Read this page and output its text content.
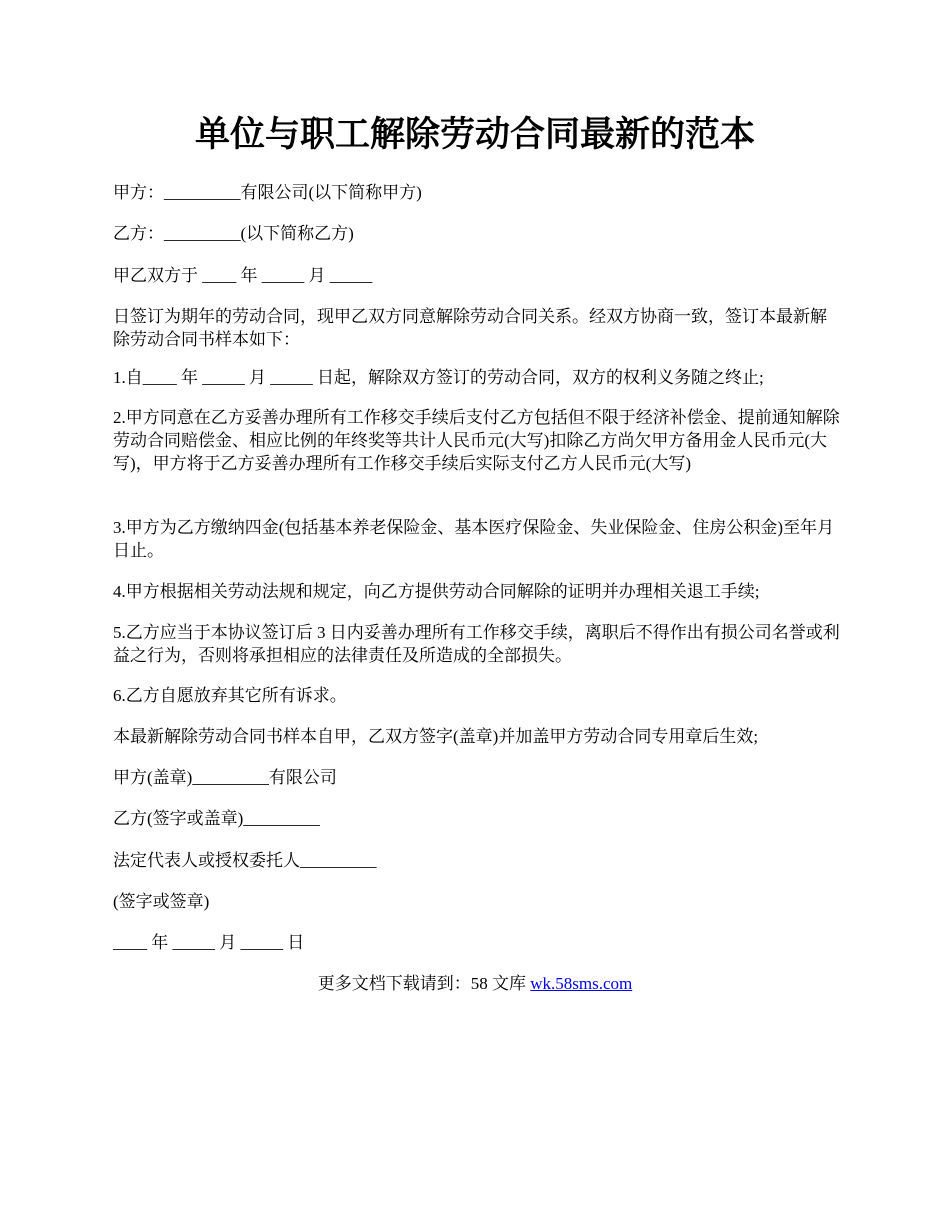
单位与职工解除劳动合同最新的范本

甲方：_________有限公司(以下简称甲方)

乙方：_________(以下简称乙方)

甲乙双方于 ____ 年 _____ 月 _____

日签订为期年的劳动合同，现甲乙双方同意解除劳动合同关系。经双方协商一致，签订本最新解除劳动合同书样本如下：

1.自____ 年 _____ 月 _____ 日起，解除双方签订的劳动合同，双方的权利义务随之终止;

2.甲方同意在乙方妥善办理所有工作移交手续后支付乙方包括但不限于经济补偿金、提前通知解除劳动合同赔偿金、相应比例的年终奖等共计人民币元(大写)扣除乙方尚欠甲方备用金人民币元(大写)，甲方将于乙方妥善办理所有工作移交手续后实际支付乙方人民币元(大写)

3.甲方为乙方缴纳四金(包括基本养老保险金、基本医疗保险金、失业保险金、住房公积金)至年月日止。

4.甲方根据相关劳动法规和规定，向乙方提供劳动合同解除的证明并办理相关退工手续;

5.乙方应当于本协议签订后 3 日内妥善办理所有工作移交手续，离职后不得作出有损公司名誉或利益之行为，否则将承担相应的法律责任及所造成的全部损失。

6.乙方自愿放弃其它所有诉求。

本最新解除劳动合同书样本自甲，乙双方签字(盖章)并加盖甲方劳动合同专用章后生效;

甲方(盖章)_________有限公司

乙方(签字或盖章)_________

法定代表人或授权委托人_________

(签字或签章)

____ 年 _____ 月 _____ 日

更多文档下载请到：58 文库 wk.58sms.com
